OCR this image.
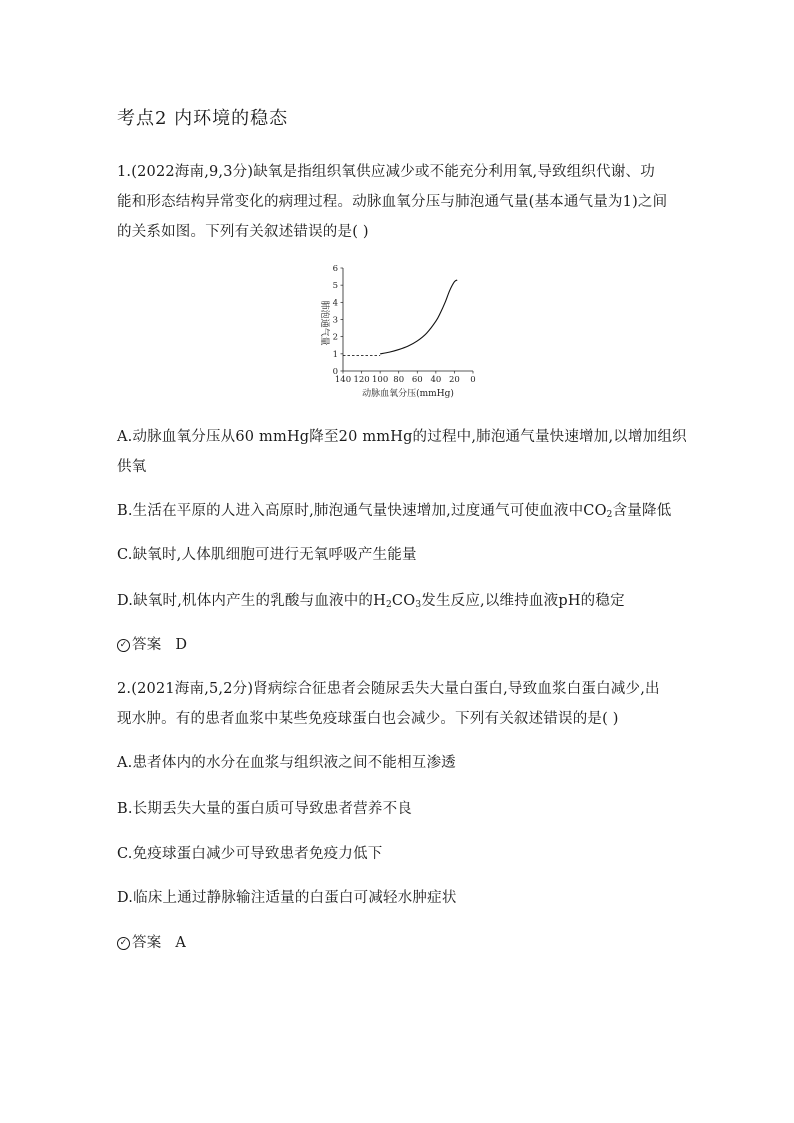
考点2 内环境的稳态
1.(2022海南,9,3分)缺氧是指组织氧供应减少或不能充分利用氧,导致组织代谢、功
能和形态结构异常变化的病理过程。动脉血氧分压与肺泡通气量(基本通气量为1)之间
的关系如图。下列有关叙述错误的是( )
140 120 100 80 60 40 20 0
0
1
2
3
4
5
6
动脉血氧分压(mmHg)
肺泡通气量
A.动脉血氧分压从60 mmHg降至20 mmHg的过程中,肺泡通气量快速增加,以增加组织
供氧
B.生活在平原的人进入高原时,肺泡通气量快速增加,过度通气可使血液中$CO_2$含量降低
C.缺氧时,人体肌细胞可进行无氧呼吸产生能量
D.缺氧时,机体内产生的乳酸与血液中的$H_2CO_3$发生反应,以维持血液pH的稳定
✓ 答案 D
2.(2021海南,5,2分)肾病综合征患者会随尿丢失大量白蛋白,导致血浆白蛋白减少,出
现水肿。有的患者血浆中某些免疫球蛋白也会减少。下列有关叙述错误的是( )
A.患者体内的水分在血浆与组织液之间不能相互渗透
B.长期丢失大量的蛋白质可导致患者营养不良
C.免疫球蛋白减少可导致患者免疫力低下
D.临床上通过静脉输注适量的白蛋白可减轻水肿症状
✓ 答案 A
